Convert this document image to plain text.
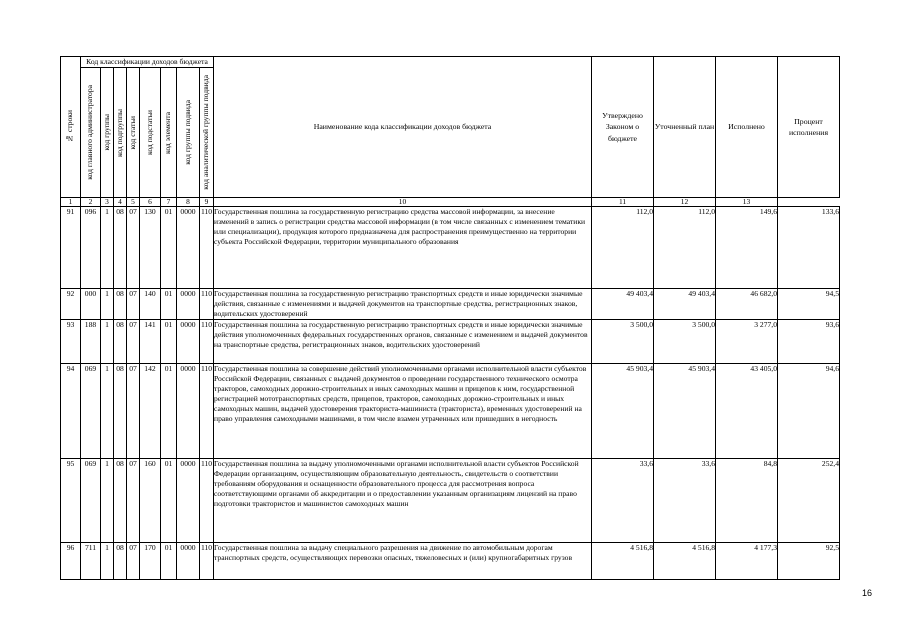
№ строки	Код классификации доходов бюджета								Наименование кода классификации доходов бюджета	Утверждено Законом о бюджете	Уточненный план	Исполнено	Процент исполнения

	код главного администратора	код группы	код подгруппы	код статьи	код подстатьи	код элемента	код группы подвида	код аналитической группы подвида					

1	2	3	4	5	6	7	8	9	10	11	12	13	
91	096	1	08	07	130	01	0000	110	Государственная пошлина за государственную регистрацию средства массовой информации, за внесение изменений в запись о регистрации средства массовой информации (в том числе связанных с изменением тематики или специализации), продукция которого предназначена для распространения преимущественно на территории субъекта Российской Федерации, территории муниципального образования	112,0	112,0	149,6	133,6
92	000	1	08	07	140	01	0000	110	Государственная пошлина за государственную регистрацию транспортных средств и иные юридически значимые действия, связанные с изменениями и выдачей документов на транспортные средства, регистрационных знаков, водительских удостоверений	49 403,4	49 403,4	46 682,0	94,5
93	188	1	08	07	141	01	0000	110	Государственная пошлина за государственную регистрацию транспортных средств и иные юридически значимые действия уполномоченных федеральных государственных органов, связанные с изменением и выдачей документов на транспортные средства, регистрационных знаков, водительских удостоверений	3 500,0	3 500,0	3 277,0	93,6
94	069	1	08	07	142	01	0000	110	Государственная пошлина за совершение действий уполномоченными органами исполнительной власти субъектов Российской Федерации, связанных с выдачей документов о проведении государственного технического осмотра тракторов, самоходных дорожно-строительных и иных самоходных машин и прицепов к ним, государственной регистрацией мототранспортных средств, прицепов, тракторов, самоходных дорожно-строительных и иных самоходных машин, выдачей удостоверения тракториста-машиниста (тракториста), временных удостоверений на право управления самоходными машинами, в том числе взамен утраченных или пришедших в негодность	45 903,4	45 903,4	43 405,0	94,6
95	069	1	08	07	160	01	0000	110	Государственная пошлина за выдачу уполномоченными органами исполнительной власти субъектов Российской Федерации организациям, осуществляющим образовательную деятельность, свидетельств о соответствии требованиям оборудования и оснащенности образовательного процесса для рассмотрения вопроса соответствующими органами об аккредитации и о предоставлении указанным организациям лицензий на право подготовки трактористов и машинистов самоходных машин	33,6	33,6	84,8	252,4
96	711	1	08	07	170	01	0000	110	Государственная пошлина за выдачу специального разрешения на движение по автомобильным дорогам транспортных средств, осуществляющих перевозки опасных, тяжеловесных и (или) крупногабаритных грузов	4 516,8	4 516,8	4 177,3	92,5
16
